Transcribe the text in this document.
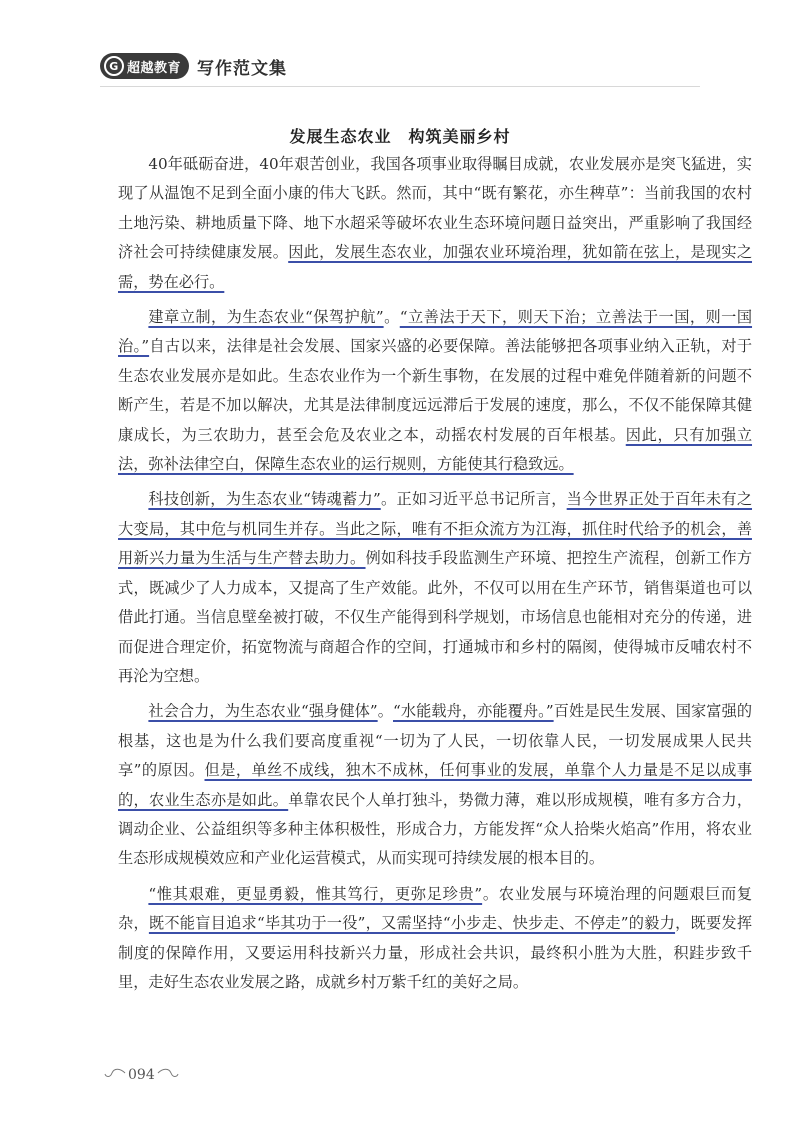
G 超越教育 写作范文集
发展生态农业　构筑美丽乡村

40年砥砺奋进，40年艰苦创业，我国各项事业取得瞩目成就，农业发展亦是突飞猛进，实现了从温饱不足到全面小康的伟大飞跃。然而，其中“既有繁花，亦生稗草”：当前我国的农村土地污染、耕地质量下降、地下水超采等破坏农业生态环境问题日益突出，严重影响了我国经济社会可持续健康发展。因此，发展生态农业，加强农业环境治理，犹如箭在弦上，是现实之需，势在必行。

建章立制，为生态农业“保驾护航”。“立善法于天下，则天下治；立善法于一国，则一国治。”自古以来，法律是社会发展、国家兴盛的必要保障。善法能够把各项事业纳入正轨，对于生态农业发展亦是如此。生态农业作为一个新生事物，在发展的过程中难免伴随着新的问题不断产生，若是不加以解决，尤其是法律制度远远滞后于发展的速度，那么，不仅不能保障其健康成长，为三农助力，甚至会危及农业之本，动摇农村发展的百年根基。因此，只有加强立法，弥补法律空白，保障生态农业的运行规则，方能使其行稳致远。

科技创新，为生态农业“铸魂蓄力”。正如习近平总书记所言，当今世界正处于百年未有之大变局，其中危与机同生并存。当此之际，唯有不拒众流方为江海，抓住时代给予的机会，善用新兴力量为生活与生产替去助力。例如科技手段监测生产环境、把控生产流程，创新工作方式，既减少了人力成本，又提高了生产效能。此外，不仅可以用在生产环节，销售渠道也可以借此打通。当信息壁垒被打破，不仅生产能得到科学规划，市场信息也能相对充分的传递，进而促进合理定价，拓宽物流与商超合作的空间，打通城市和乡村的隔阂，使得城市反哺农村不再沦为空想。

社会合力，为生态农业“强身健体”。“水能载舟，亦能覆舟。”百姓是民生发展、国家富强的根基，这也是为什么我们要高度重视“一切为了人民，一切依靠人民，一切发展成果人民共享”的原因。但是，单丝不成线，独木不成林，任何事业的发展，单靠个人力量是不足以成事的，农业生态亦是如此。单靠农民个人单打独斗，势微力薄，难以形成规模，唯有多方合力，调动企业、公益组织等多种主体积极性，形成合力，方能发挥“众人拾柴火焰高”作用，将农业生态形成规模效应和产业化运营模式，从而实现可持续发展的根本目的。

“惟其艰难，更显勇毅，惟其笃行，更弥足珍贵”。农业发展与环境治理的问题艰巨而复杂，既不能盲目追求“毕其功于一役”，又需坚持“小步走、快步走、不停走”的毅力，既要发挥制度的保障作用，又要运用科技新兴力量，形成社会共识，最终积小胜为大胜，积跬步致千里，走好生态农业发展之路，成就乡村万紫千红的美好之局。

094
